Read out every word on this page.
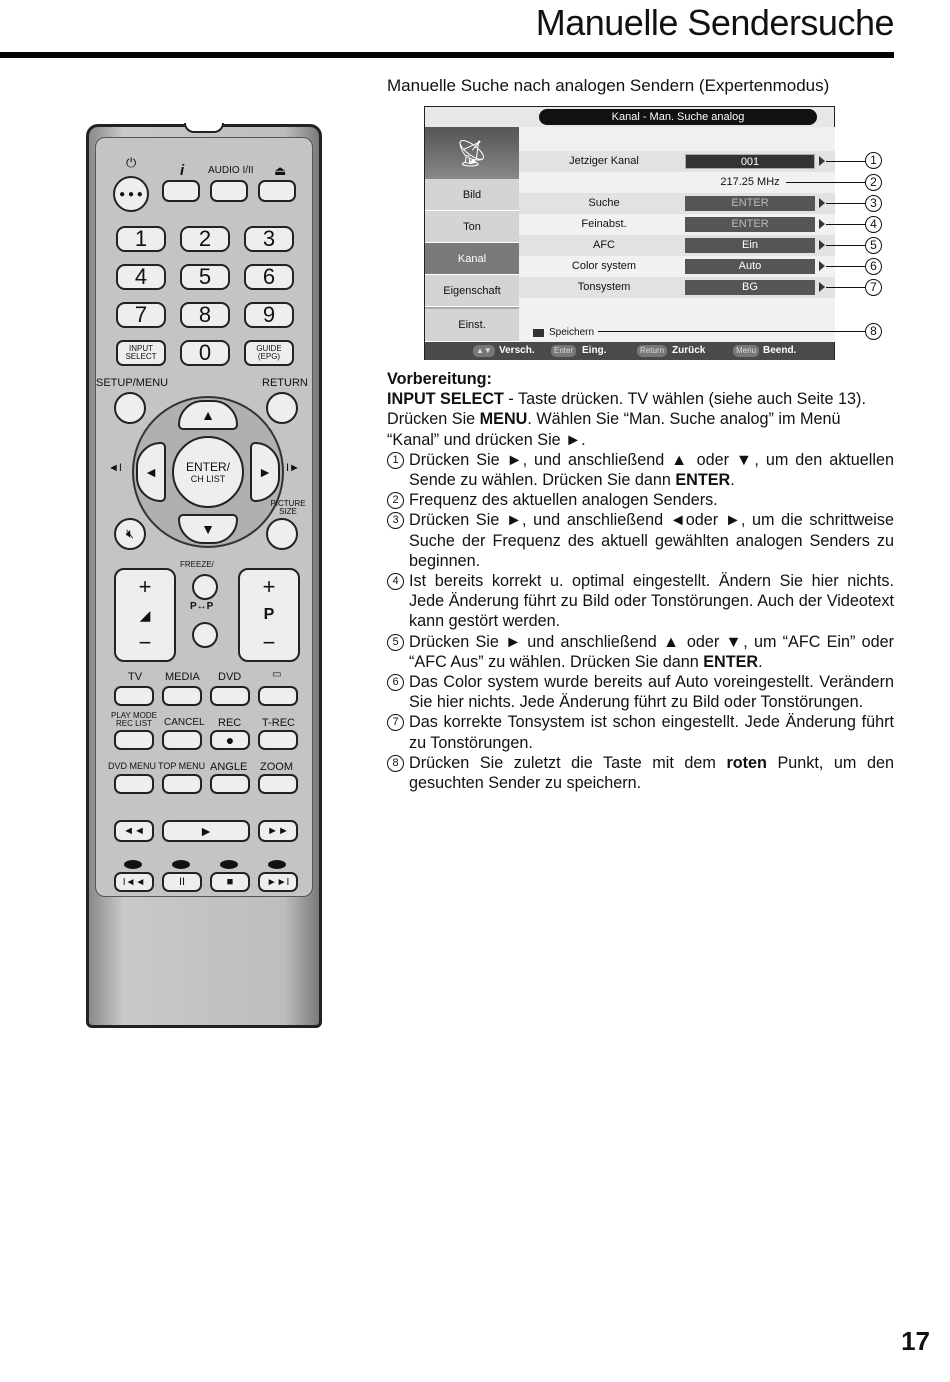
Manuelle Sendersuche
Manuelle Suche nach analogen Sendern (Expertenmodus)
⏻	i AUDIO I/II ⏏
● ● ●
1	2	3
4	5	6
7	8	9
INPUT SELECT	0	GUIDE (EPG)
SETUP/MENU	RETURN
▲
▼
◄	►
ENTER/
CH LIST
◄I	I►
PICTURE SIZE
🔇︎
FREEZE/
+
◢
−
+
P
−
P↔P
TV MEDIA DVD	▭
PLAY MODE REC LIST	CANCEL REC T-REC
●
DVD MENU TOP MENU ANGLE ZOOM
◄◄	►	►►
I◄◄	II	■	►►I
Kanal - Man. Suche analog
📡︎
Bild
Ton
Kanal
Eigenschaft
Einst.
Jetziger Kanal	001
217.25 MHz
Suche	ENTER
Feinabst.	ENTER
AFC	Ein
Color system	Auto
Tonsystem	BG
Speichern
▲▼ Versch.	Enter Eing.	Return Zurück	Menu Beend.
1
2
3
4
5
6
7
8

Vorbereitung:

INPUT SELECT - Taste drücken. TV wählen (siehe auch Seite 13). Drücken Sie MENU. Wählen Sie “Man. Suche analog” im Menü “Kanal” und drücken Sie ►.

1 Drücken Sie ►, und anschließend ▲ oder ▼, um den aktuellen Sende zu wählen. Drücken Sie dann ENTER.

2 Frequenz des aktuellen analogen Senders.

3 Drücken Sie ►, und anschließend ◄oder ►, um die schrittweise Suche der Frequenz des aktuell gewählten analogen Senders zu beginnen.

4 Ist bereits korrekt u. optimal eingestellt. Ändern Sie hier nichts. Jede Änderung führt zu Bild oder Tonstörungen. Auch der Videotext kann gestört werden.

5 Drücken Sie ► und anschließend ▲ oder ▼, um “AFC Ein” oder “AFC Aus” zu wählen. Drücken Sie dann ENTER.

6 Das Color system wurde bereits auf Auto voreingestellt. Verändern Sie hier nichts. Jede Änderung führt zu Bild oder Tonstörungen.

7 Das korrekte Tonsystem ist schon eingestellt. Jede Änderung führt zu Tonstörungen.

8 Drücken Sie zuletzt die Taste mit dem roten Punkt, um den gesuchten Sender zu speichern.

17
